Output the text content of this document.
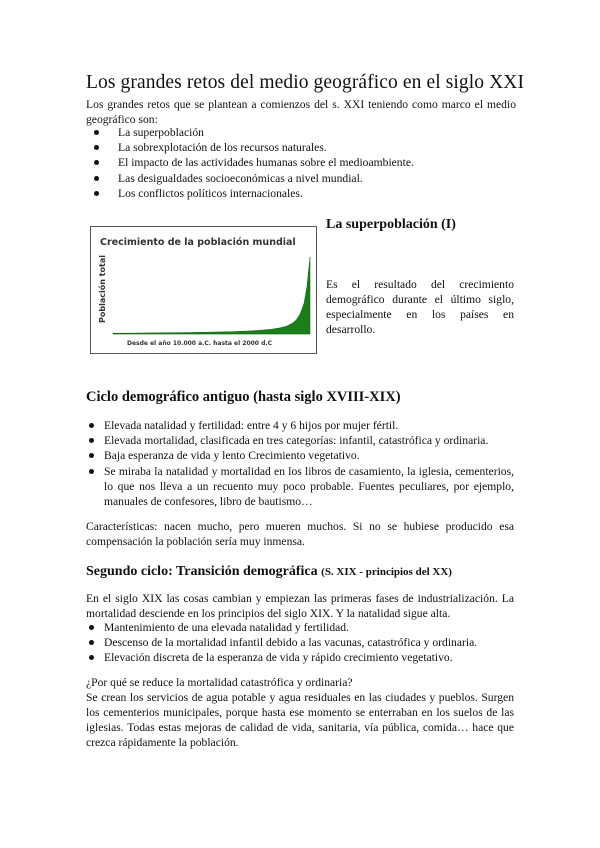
Los grandes retos del medio geográfico en el siglo XXI

Los grandes retos que se plantean a comienzos del s. XXI teniendo como marco el medio geográfico son:

La superpoblación
La sobrexplotación de los recursos naturales.
El impacto de las actividades humanas sobre el medioambiente.
Las desigualdades socioeconómicas a nivel mundial.
Los conflictos políticos internacionales.
Crecimiento de la población mundial
Población total
Desde el año 10.000 a.C. hasta el 2000 d.C
La superpoblación (I)

Es el resultado del crecimiento demográfico durante el último siglo, especialmente en los países en desarrollo.

Ciclo demográfico antiguo (hasta siglo XVIII-XIX)
Elevada natalidad y fertilidad: entre 4 y 6 hijos por mujer fértil.
Elevada mortalidad, clasificada en tres categorías: infantil, catastrófica y ordinaria.
Baja esperanza de vida y lento Crecimiento vegetativo.
Se miraba la natalidad y mortalidad en los libros de casamiento, la iglesia, cementerios, lo que nos lleva a un recuento muy poco probable. Fuentes peculiares, por ejemplo, manuales de confesores, libro de bautismo…

Características: nacen mucho, pero mueren muchos. Si no se hubiese producido esa compensación la población sería muy inmensa.

Segundo ciclo: Transición demográfica (S. XIX - principios del XX)

En el siglo XIX las cosas cambian y empiezan las primeras fases de industrialización. La mortalidad desciende en los principios del siglo XIX. Y la natalidad sigue alta.

Mantenimiento de una elevada natalidad y fertilidad.
Descenso de la mortalidad infantil debido a las vacunas, catastrófica y ordinaria.
Elevación discreta de la esperanza de vida y rápido crecimiento vegetativo.

¿Por qué se reduce la mortalidad catastrófica y ordinaria?

Se crean los servicios de agua potable y agua residuales en las ciudades y pueblos. Surgen los cementerios municipales, porque hasta ese momento se enterraban en los suelos de las iglesias. Todas estas mejoras de calidad de vida, sanitaria, vía pública, comida… hace que crezca rápidamente la población.
